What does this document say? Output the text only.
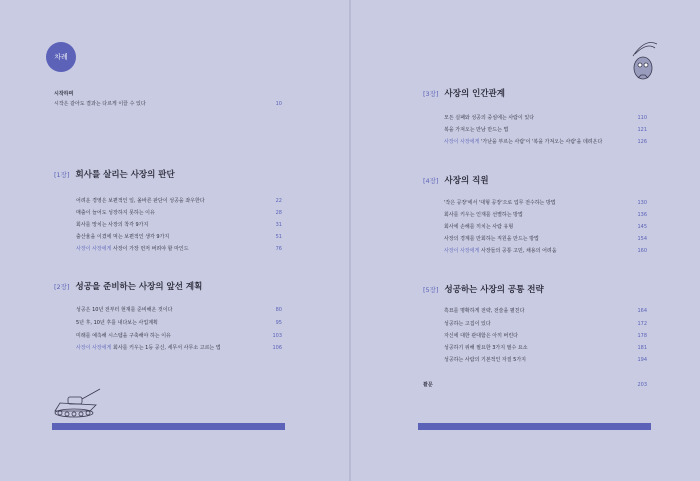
차례
시작하며
시작은 같아도 결과는 다르게 이끌 수 있다	10
[1장] 회사를 살리는 사장의 판단
어려운 경영은 보편적인 일, 올바른 판단이 성공을 좌우한다	22
매출이 늘어도 성장하지 못하는 이유	28
회사를 망치는 사장의 착각 9가지	31
출산율을 이겼에 먹는 보편적인 생각 9가지	51
사장이 사장에게 사장이 가장 먼저 버려야 할 마인드	76
[2장] 성공을 준비하는 사장의 앞선 계획
성공은 10년 전부터 현재를 준비해온 것이다	80
5년 후, 10년 후를 내다보는 사업계획	95
미래를 예측해 시스템을 구축해야 하는 이유	103
사장이 사장에게 회사를 키우는 1등 공신, 세무서 사무소 고르는 법	106
[3장] 사장의 인간관계
모든 실패와 성공의 중심에는 사람이 있다	110
복을 가져오는 만남 만드는 법	121
사장이 사장에게 '가난을 부르는 사람'이 '복을 가져오는 사람'을 데려온다	126
[4장] 사장의 직원
'작은 공장'에서 '대형 공장'으로 업무 전수하는 방법	130
회사를 키우는 인재를 선별하는 방법	136
회사에 손해를 끼치는 사람 유형	145
사장의 경계를 만회하는 직원을 만드는 방법	154
사장이 사장에게 사장들의 공통 고민, 채용의 어려움	160
[5장] 성공하는 사장의 공통 전략
흑묘를 명확하게 전략, 전술을 펼친다	164
성공하는 고집이 있다	172
자신에 대한 관대함은 아끼 버린다	178
성공하기 위해 필요한 3가지 필수 요소	181
성공하는 사람의 기본적인 자질 5가지	194
괄문	203
